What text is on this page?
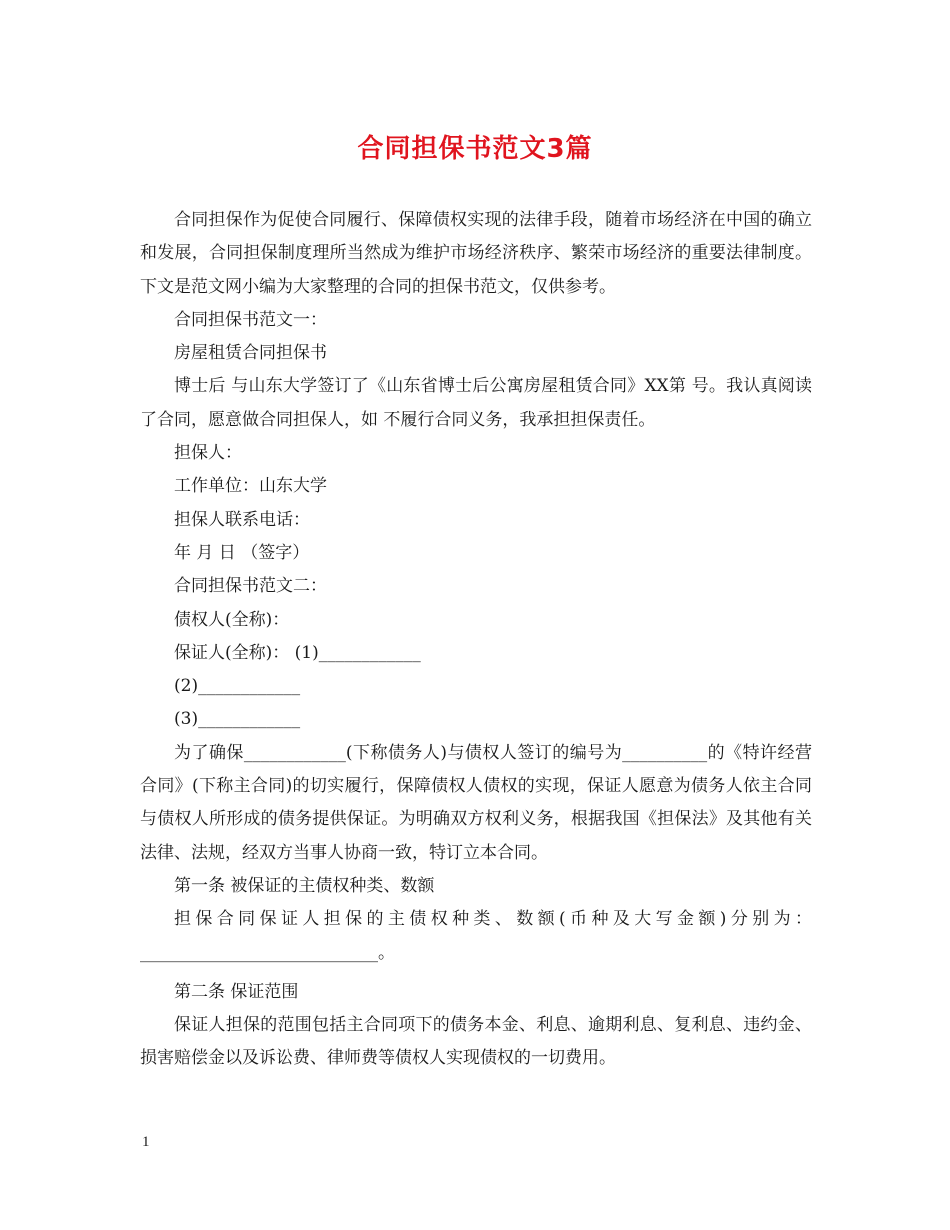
合同担保书范文3篇

合同担保作为促使合同履行、保障债权实现的法律手段，随着市场经济在中国的确立和发展，合同担保制度理所当然成为维护市场经济秩序、繁荣市场经济的重要法律制度。下文是范文网小编为大家整理的合同的担保书范文，仅供参考。

合同担保书范文一：

房屋租赁合同担保书

博士后 与山东大学签订了《山东省博士后公寓房屋租赁合同》XX第 号。我认真阅读了合同，愿意做合同担保人，如 不履行合同义务，我承担担保责任。

担保人：

工作单位：山东大学

担保人联系电话：

年 月 日 （签字）

合同担保书范文二：

债权人(全称)：

保证人(全称)： (1)____________

(2)____________

(3)____________

为了确保____________(下称债务人)与债权人签订的编号为__________的《特许经营合同》(下称主合同)的切实履行，保障债权人债权的实现，保证人愿意为债务人依主合同与债权人所形成的债务提供保证。为明确双方权利义务，根据我国《担保法》及其他有关法律、法规，经双方当事人协商一致，特订立本合同。

第一条 被保证的主债权种类、数额

担保合同保证人担保的主债权种类、数额(币种及大写金额)分别为：____________________________。

第二条 保证范围

保证人担保的范围包括主合同项下的债务本金、利息、逾期利息、复利息、违约金、损害赔偿金以及诉讼费、律师费等债权人实现债权的一切费用。

1
